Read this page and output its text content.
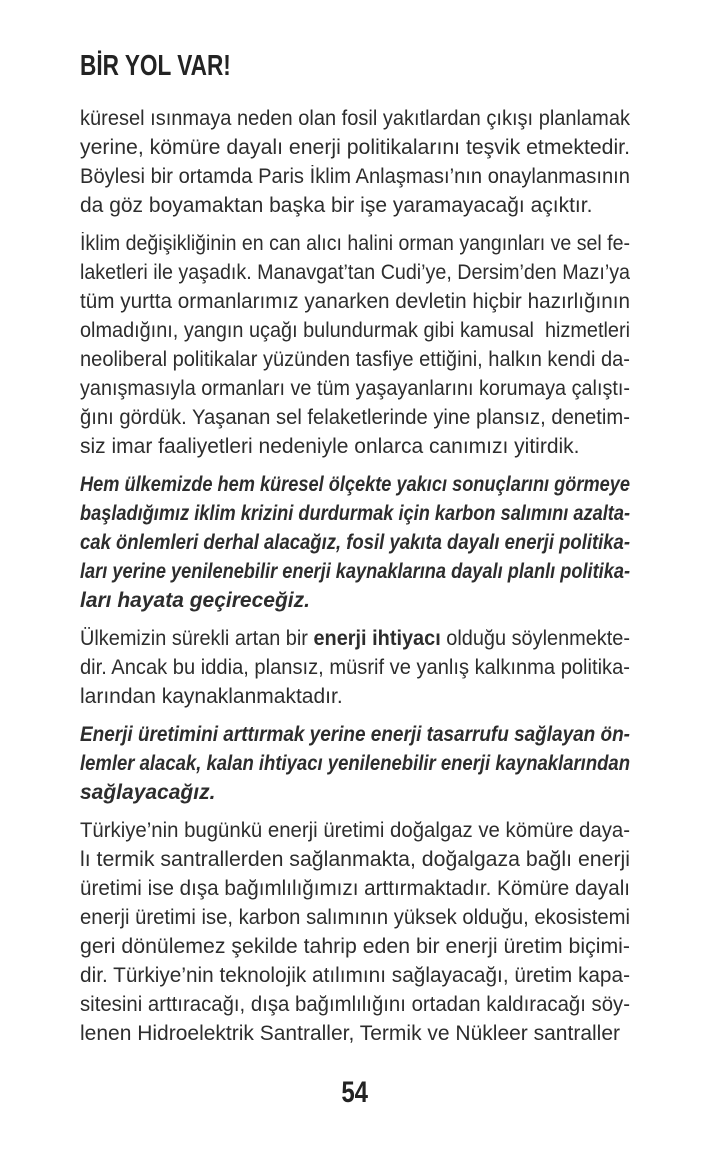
BİR YOL VAR!
küresel ısınmaya neden olan fosil yakıtlardan çıkışı planlamak
yerine, kömüre dayalı enerji politikalarını teşvik etmektedir.
Böylesi bir ortamda Paris İklim Anlaşması’nın onaylanmasının
da göz boyamaktan başka bir işe yaramayacağı açıktır.
İklim değişikliğinin en can alıcı halini orman yangınları ve sel fe-
laketleri ile yaşadık. Manavgat’tan Cudi’ye, Dersim’den Mazı’ya
tüm yurtta ormanlarımız yanarken devletin hiçbir hazırlığının
olmadığını, yangın uçağı bulundurmak gibi kamusal  hizmetleri
neoliberal politikalar yüzünden tasfiye ettiğini, halkın kendi da-
yanışmasıyla ormanları ve tüm yaşayanlarını korumaya çalıştı-
ğını gördük. Yaşanan sel felaketlerinde yine plansız, denetim-
siz imar faaliyetleri nedeniyle onlarca canımızı yitirdik.
Hem ülkemizde hem küresel ölçekte yakıcı sonuçlarını görmeye
başladığımız iklim krizini durdurmak için karbon salımını azalta-
cak önlemleri derhal alacağız, fosil yakıta dayalı enerji politika-
ları yerine yenilenebilir enerji kaynaklarına dayalı planlı politika-
ları hayata geçireceğiz.
Ülkemizin sürekli artan bir enerji ihtiyacı olduğu söylenmekte-
dir. Ancak bu iddia, plansız, müsrif ve yanlış kalkınma politika-
larından kaynaklanmaktadır.
Enerji üretimini arttırmak yerine enerji tasarrufu sağlayan ön-
lemler alacak, kalan ihtiyacı yenilenebilir enerji kaynaklarından
sağlayacağız.
Türkiye’nin bugünkü enerji üretimi doğalgaz ve kömüre daya-
lı termik santrallerden sağlanmakta, doğalgaza bağlı enerji
üretimi ise dışa bağımlılığımızı arttırmaktadır. Kömüre dayalı
enerji üretimi ise, karbon salımının yüksek olduğu, ekosistemi
geri dönülemez şekilde tahrip eden bir enerji üretim biçimi-
dir. Türkiye’nin teknolojik atılımını sağlayacağı, üretim kapa-
sitesini arttıracağı, dışa bağımlılığını ortadan kaldıracağı söy-
lenen Hidroelektrik Santraller, Termik ve Nükleer santraller
54
